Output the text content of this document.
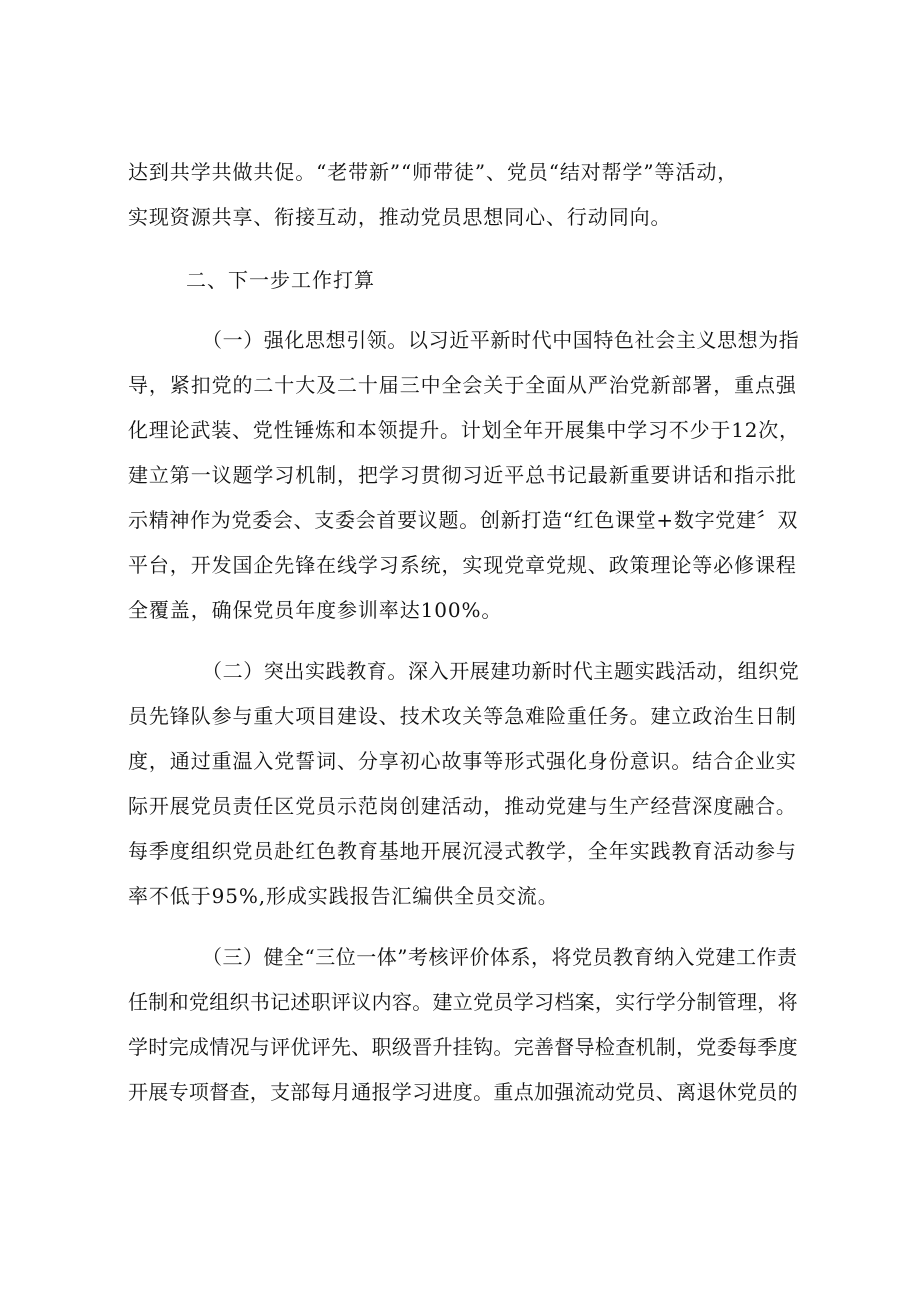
达到共学共做共促。“老带新”“师带徒”、党员“结对帮学”等活动，
实现资源共享、衔接互动，推动党员思想同心、行动同向。
二、下一步工作打算
（一）强化思想引领。以习近平新时代中国特色社会主义思想为指
导，紧扣党的二十大及二十届三中全会关于全面从严治党新部署，重点强
化理论武装、党性锤炼和本领提升。计划全年开展集中学习不少于12次，
建立第一议题学习机制，把学习贯彻习近平总书记最新重要讲话和指示批
示精神作为党委会、支委会首要议题。创新打造“红色课堂+数字党建〞双
平台，开发国企先锋在线学习系统，实现党章党规、政策理论等必修课程
全覆盖，确保党员年度参训率达100%。
（二）突出实践教育。深入开展建功新时代主题实践活动，组织党
员先锋队参与重大项目建设、技术攻关等急难险重任务。建立政治生日制
度，通过重温入党誓词、分享初心故事等形式强化身份意识。结合企业实
际开展党员责任区党员示范岗创建活动，推动党建与生产经营深度融合。
每季度组织党员赴红色教育基地开展沉浸式教学，全年实践教育活动参与
率不低于95%,形成实践报告汇编供全员交流。
（三）健全“三位一体”考核评价体系，将党员教育纳入党建工作责
任制和党组织书记述职评议内容。建立党员学习档案，实行学分制管理，将
学时完成情况与评优评先、职级晋升挂钩。完善督导检查机制，党委每季度
开展专项督查，支部每月通报学习进度。重点加强流动党员、离退休党员的
